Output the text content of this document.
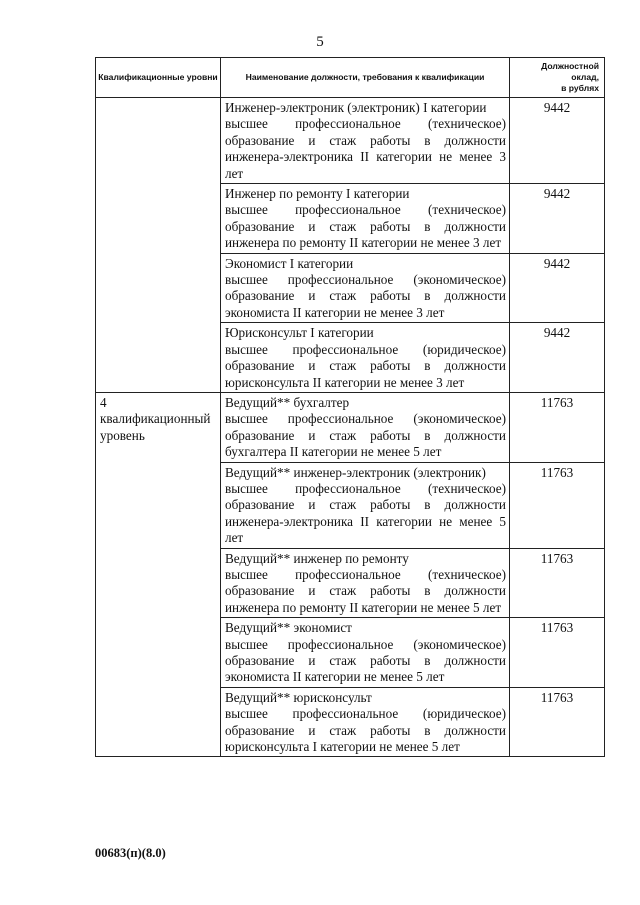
5
Квалификационные уровни	Наименование должности, требования к квалификации	Должностной
оклад,
в рублях

	Инженер-электроник (электроник) I категории
высшее профессиональное (техническое) образование и стаж работы в должности инженера-электроника II категории не менее 3 лет	9442

	Инженер по ремонту I категории
высшее профессиональное (техническое) образование и стаж работы в должности инженера по ремонту II категории не менее 3 лет	9442

	Экономист I категории
высшее профессиональное (экономическое) образование и стаж работы в должности экономиста II категории не менее 3 лет	9442

	Юрисконсульт I категории
высшее профессиональное (юридическое) образование и стаж работы в должности юрисконсульта II категории не менее 3 лет	9442
4 квалификационный уровень	Ведущий** бухгалтер
высшее профессиональное (экономическое) образование и стаж работы в должности бухгалтера II категории не менее 5 лет	11763

	Ведущий** инженер-электроник (электроник)
высшее профессиональное (техническое) образование и стаж работы в должности инженера-электроника II категории не менее 5 лет	11763

	Ведущий** инженер по ремонту
высшее профессиональное (техническое) образование и стаж работы в должности инженера по ремонту II категории не менее 5 лет	11763

	Ведущий** экономист
высшее профессиональное (экономическое) образование и стаж работы в должности экономиста II категории не менее 5 лет	11763

	Ведущий** юрисконсульт
высшее профессиональное (юридическое) образование и стаж работы в должности юрисконсульта I категории не менее 5 лет	11763
00683(п)(8.0)
